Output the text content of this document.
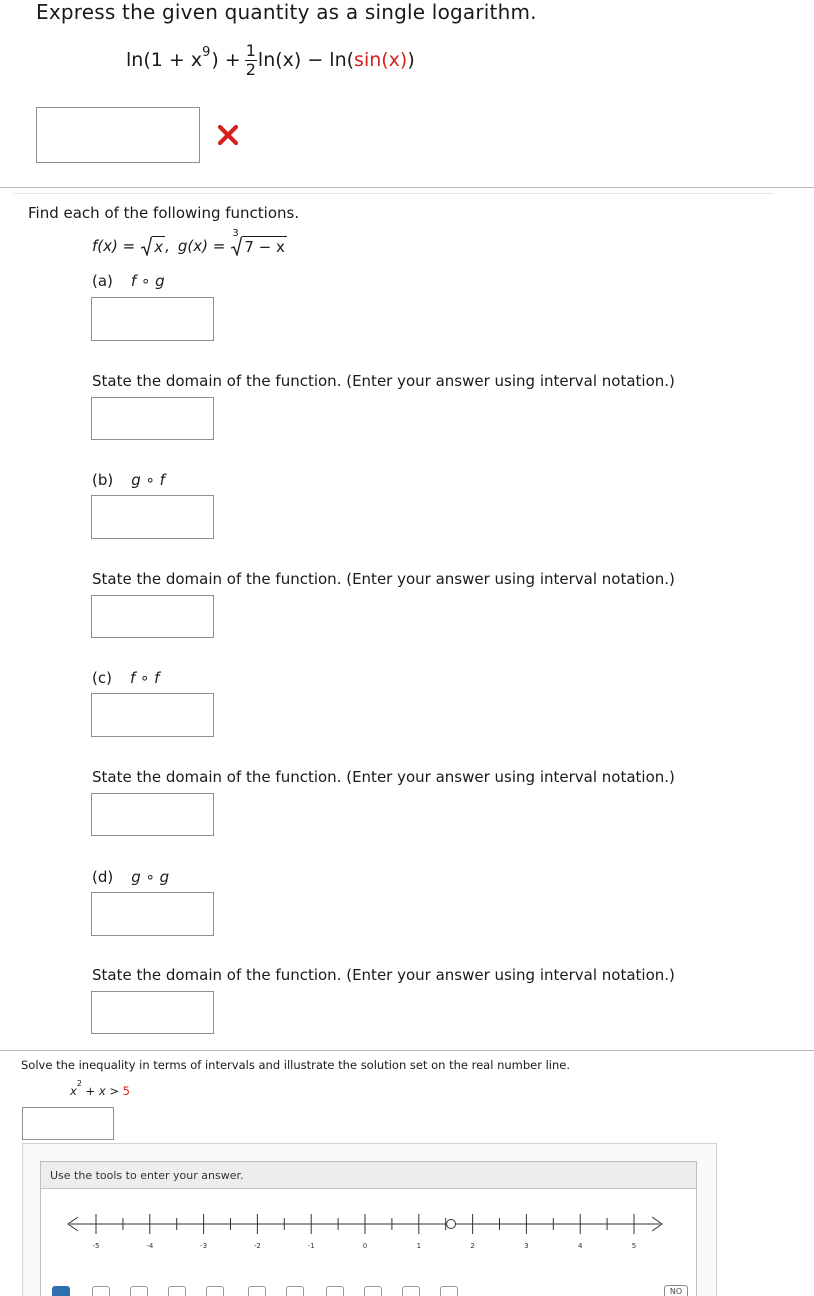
Express the given quantity as a single logarithm.
$\ln(1 + x^9$ ) + $\frac{1}{2} \ln(x) - \ln$( sin(x) )
Find each of the following functions.
f(x) = x , g(x) =
3
7 − x
(a) f ∘ g
State the domain of the function. (Enter your answer using interval notation.)
(b) g ∘ f
State the domain of the function. (Enter your answer using interval notation.)
(c) f ∘ f
State the domain of the function. (Enter your answer using interval notation.)
(d) g ∘ g
State the domain of the function. (Enter your answer using interval notation.)
Solve the inequality in terms of intervals and illustrate the solution set on the real number line.
$x^2 + x > 5$
Use the tools to enter your answer.
-5	-4	-3	-2	-1	0	1	2	3	4	5
NO
